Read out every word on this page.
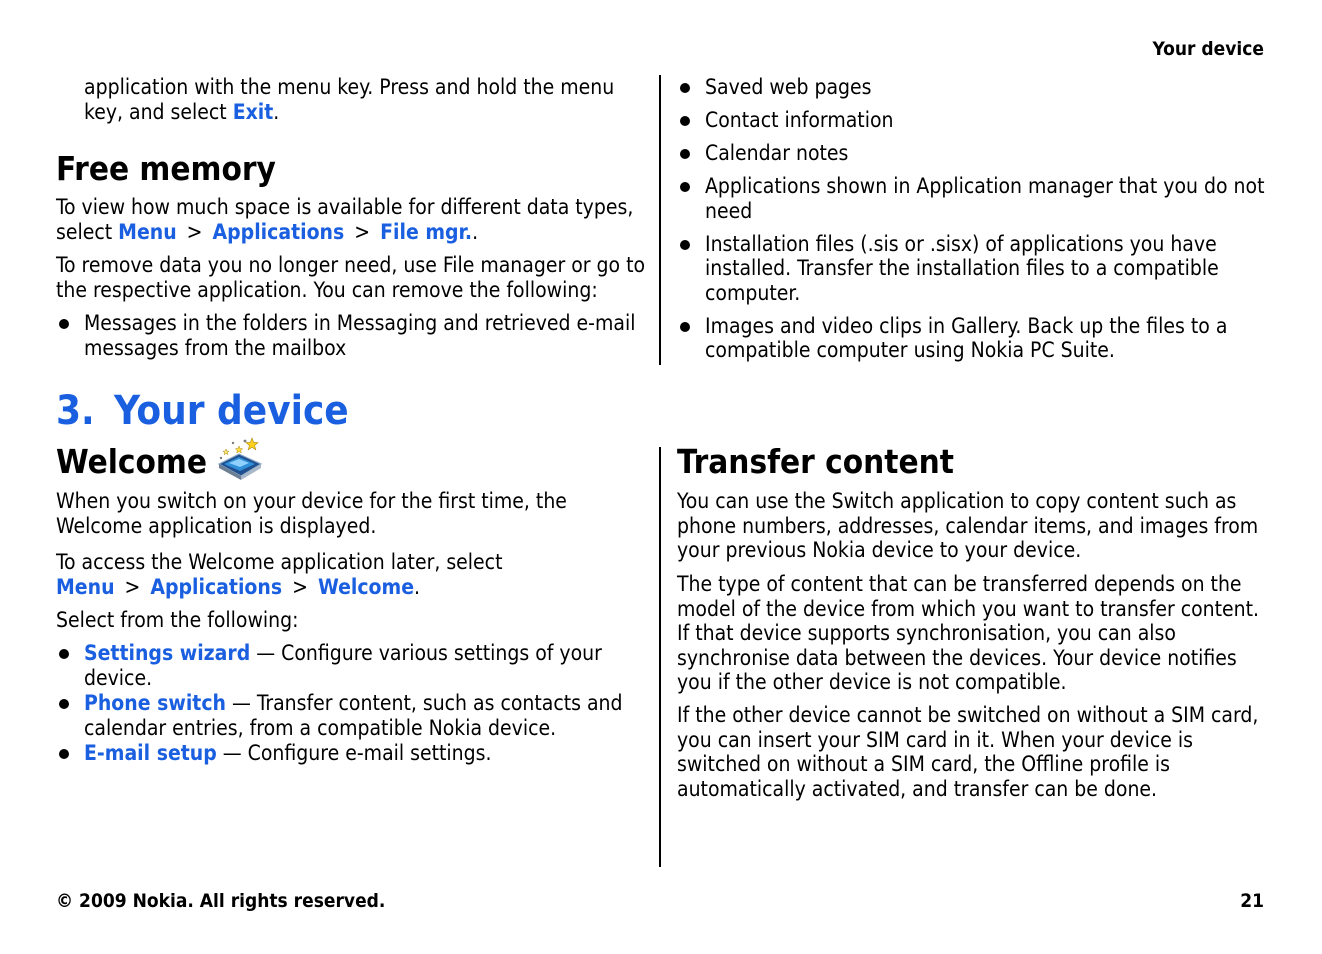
Your device

application with the menu key. Press and hold the menu key, and select Exit.

Free memory

To view how much space is available for different data types, select Menu > Applications > File mgr..

To remove data you no longer need, use File manager or go to the respective application. You can remove the following:

Messages in the folders in Messaging and retrieved e-mail messages from the mailbox
Saved web pages
Contact information
Calendar notes
Applications shown in Application manager that you do not need
Installation files (.sis or .sisx) of applications you have installed. Transfer the installation files to a compatible computer.
Images and video clips in Gallery. Back up the files to a compatible computer using Nokia PC Suite.
3. Your device
Welcome

When you switch on your device for the first time, the Welcome application is displayed.

To access the Welcome application later, select Menu > Applications > Welcome.

Select from the following:

Settings wizard — Configure various settings of your device.
Phone switch — Transfer content, such as contacts and calendar entries, from a compatible Nokia device.
E-mail setup — Configure e-mail settings.
Transfer content

You can use the Switch application to copy content such as phone numbers, addresses, calendar items, and images from your previous Nokia device to your device.

The type of content that can be transferred depends on the model of the device from which you want to transfer content. If that device supports synchronisation, you can also synchronise data between the devices. Your device notifies you if the other device is not compatible.

If the other device cannot be switched on without a SIM card, you can insert your SIM card in it. When your device is switched on without a SIM card, the Offline profile is automatically activated, and transfer can be done.

© 2009 Nokia. All rights reserved.	21
